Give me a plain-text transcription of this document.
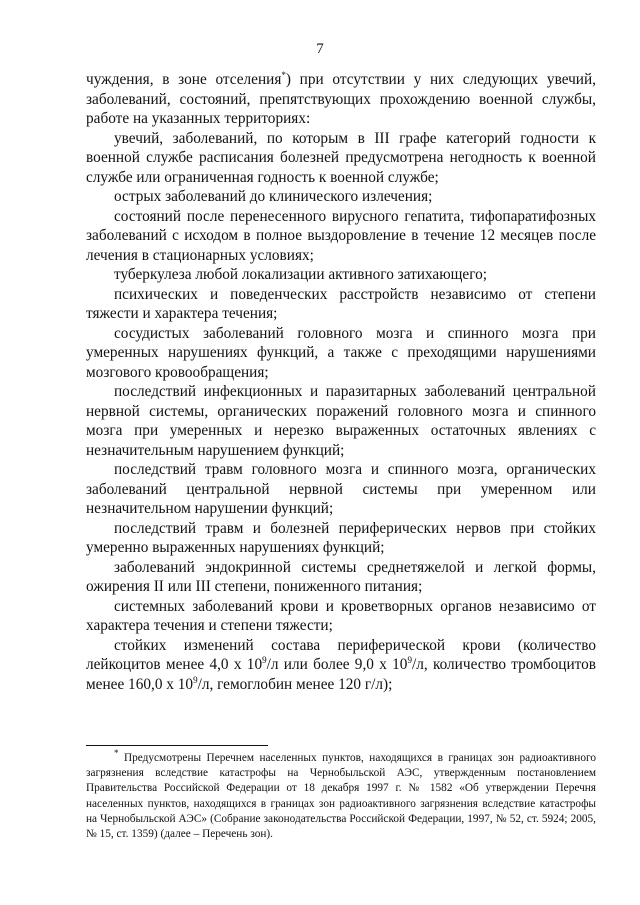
7

чуждения, в зоне отселения*) при отсутствии у них следующих увечий, заболеваний, состояний, препятствующих прохождению военной службы, работе на указанных территориях:

увечий, заболеваний, по которым в III графе категорий годности к военной службе расписания болезней предусмотрена негодность к военной службе или ограниченная годность к военной службе;

острых заболеваний до клинического излечения;

состояний после перенесенного вирусного гепатита, тифопаратифозных заболеваний с исходом в полное выздоровление в течение 12 месяцев после лечения в стационарных условиях;

туберкулеза любой локализации активного затихающего;

психических и поведенческих расстройств независимо от степени тяжести и характера течения;

сосудистых заболеваний головного мозга и спинного мозга при умеренных нарушениях функций, а также с преходящими нарушениями мозгового кровообращения;

последствий инфекционных и паразитарных заболеваний центральной нервной системы, органических поражений головного мозга и спинного мозга при умеренных и нерезко выраженных остаточных явлениях с незначительным нарушением функций;

последствий травм головного мозга и спинного мозга, органических заболеваний центральной нервной системы при умеренном или незначительном нарушении функций;

последствий травм и болезней периферических нервов при стойких умеренно выраженных нарушениях функций;

заболеваний эндокринной системы среднетяжелой и легкой формы, ожирения II или III степени, пониженного питания;

системных заболеваний крови и кроветворных органов независимо от характера течения и степени тяжести;

стойких изменений состава периферической крови (количество лейкоцитов менее 4,0 х $10^9/л$ или более 9,0 х $10^9/л$, количество тромбоцитов менее 160,0 х $10^9/л$, гемоглобин менее 120 г/л);

* Предусмотрены Перечнем населенных пунктов, находящихся в границах зон радиоактивного загрязнения вследствие катастрофы на Чернобыльской АЭС, утвержденным постановлением Правительства Российской Федерации от 18 декабря 1997 г. № 1582 «Об утверждении Перечня населенных пунктов, находящихся в границах зон радиоактивного загрязнения вследствие катастрофы на Чернобыльской АЭС» (Собрание законодательства Российской Федерации, 1997, № 52, ст. 5924; 2005, № 15, ст. 1359) (далее – Перечень зон).
